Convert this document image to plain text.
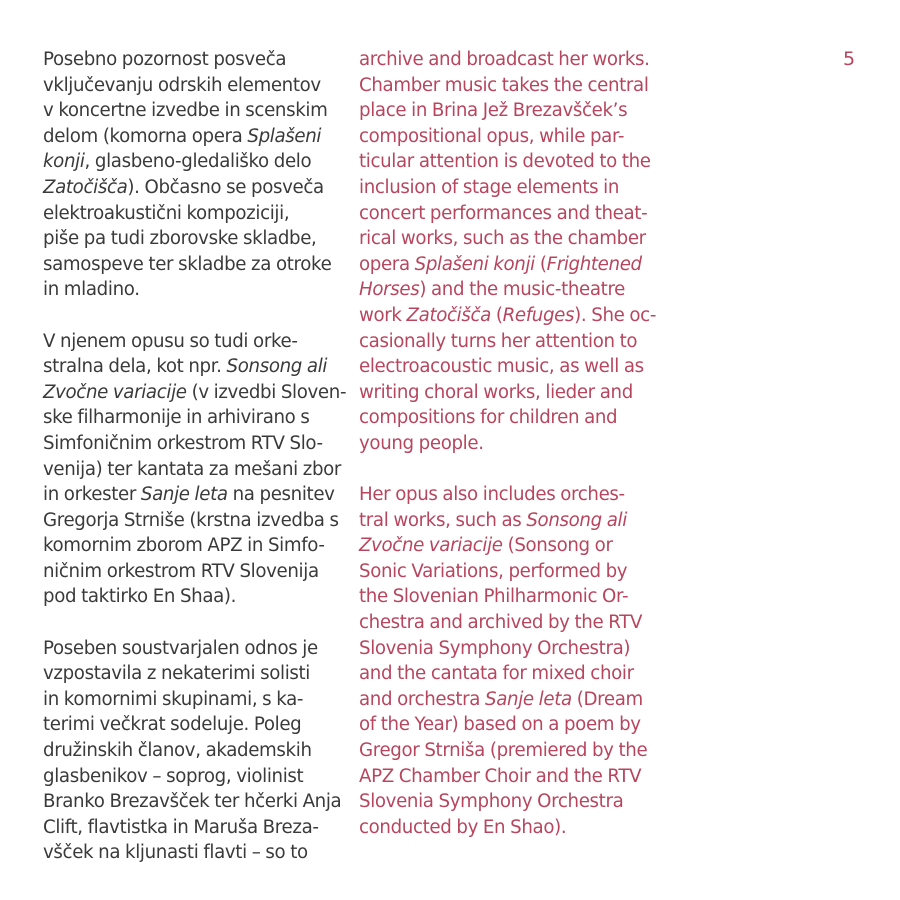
Posebno pozornost posveča
vključevanju odrskih elementov
v koncertne izvedbe in scenskim
delom (komorna opera Splašeni
konji, glasbeno-gledališko delo
Zatočišča). Občasno se posveča
elektroakustični kompoziciji,
piše pa tudi zborovske skladbe,
samospeve ter skladbe za otroke
in mladino.

V njenem opusu so tudi orke-
stralna dela, kot npr. Sonsong ali
Zvočne variacije (v izvedbi Sloven-
ske filharmonije in arhivirano s
Simfoničnim orkestrom RTV Slo-
venija) ter kantata za mešani zbor
in orkester Sanje leta na pesnitev
Gregorja Strniše (krstna izvedba s
komornim zborom APZ in Simfo-
ničnim orkestrom RTV Slovenija
pod taktirko En Shaa).

Poseben soustvarjalen odnos je
vzpostavila z nekaterimi solisti
in komornimi skupinami, s ka-
terimi večkrat sodeluje. Poleg
družinskih članov, akademskih
glasbenikov – soprog, violinist
Branko Brezavšček ter hčerki Anja
Clift, flavtistka in Maruša Breza-
všček na kljunasti flavti – so to

archive and broadcast her works.
Chamber music takes the central
place in Brina Jež Brezavšček’s
compositional opus, while par-
ticular attention is devoted to the
inclusion of stage elements in
concert performances and theat-
rical works, such as the chamber
opera Splašeni konji (Frightened
Horses) and the music-theatre
work Zatočišča (Refuges). She oc-
casionally turns her attention to
electroacoustic music, as well as
writing choral works, lieder and
compositions for children and
young people.

Her opus also includes orches-
tral works, such as Sonsong ali
Zvočne variacije (Sonsong or
Sonic Variations, performed by
the Slovenian Philharmonic Or-
chestra and archived by the RTV
Slovenia Symphony Orchestra)
and the cantata for mixed choir
and orchestra Sanje leta (Dream
of the Year) based on a poem by
Gregor Strniša (premiered by the
APZ Chamber Choir and the RTV
Slovenia Symphony Orchestra
conducted by En Shao).

5
